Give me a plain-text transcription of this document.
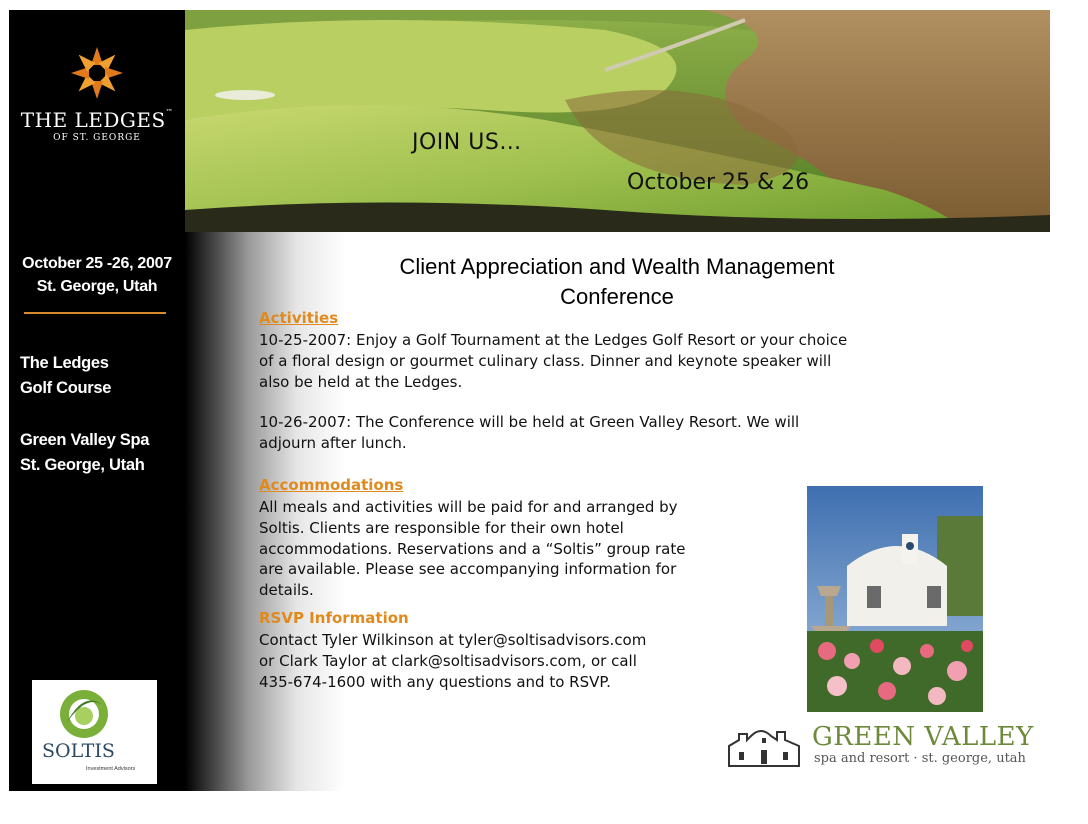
THE LEDGES™
OF ST. GEORGE
October 25 -26, 2007
St. George, Utah
The Ledges
Golf Course
Green Valley Spa
St. George, Utah
SOLTIS
Investment Advisors
JOIN US…
October 25 & 26
Client Appreciation and Wealth Management
Conference
Activities
10-25-2007: Enjoy a Golf Tournament at the Ledges Golf Resort or your choice
of a floral design or gourmet culinary class. Dinner and keynote speaker will
also be held at the Ledges.
10-26-2007: The Conference will be held at Green Valley Resort. We will
adjourn after lunch.
Accommodations
All meals and activities will be paid for and arranged by
Soltis. Clients are responsible for their own hotel
accommodations. Reservations and a “Soltis” group rate
are available. Please see accompanying information for
details.
RSVP Information
Contact Tyler Wilkinson at tyler@soltisadvisors.com
or Clark Taylor at clark@soltisadvisors.com, or call
435-674-1600 with any questions and to RSVP.
GREEN VALLEY
spa and resort · st. george, utah
